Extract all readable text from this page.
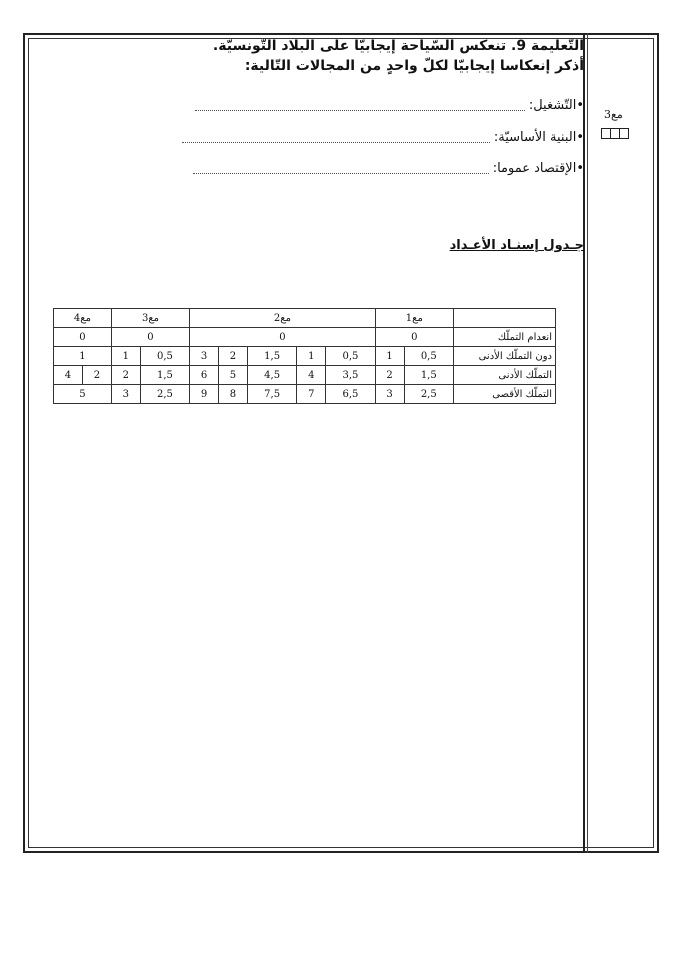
مع3
التّعليمة 9. تنعكس السّياحة إيجابيّا على البلاد التّونسيّة.
أذكر إنعكاسا إيجابيّا لكلّ واحدٍ من المجالات التّالية:
•التّشغيل:
•البنية الأساسيّة:
•الإقتصاد عموما:
جـدول إسنـاد الأعـداد
	مع1		مع2					مع3		مع4	
انعدام التملّك	0		0					0		0	
دون التملّك الأدنى	0,5	1	0,5	1	1,5	2	3	0,5	1	1	
التملّك الأدنى	1,5	2	3,5	4	4,5	5	6	1,5	2	2	4
التملّك الأقصى	2,5	3	6,5	7	7,5	8	9	2,5	3	5	
